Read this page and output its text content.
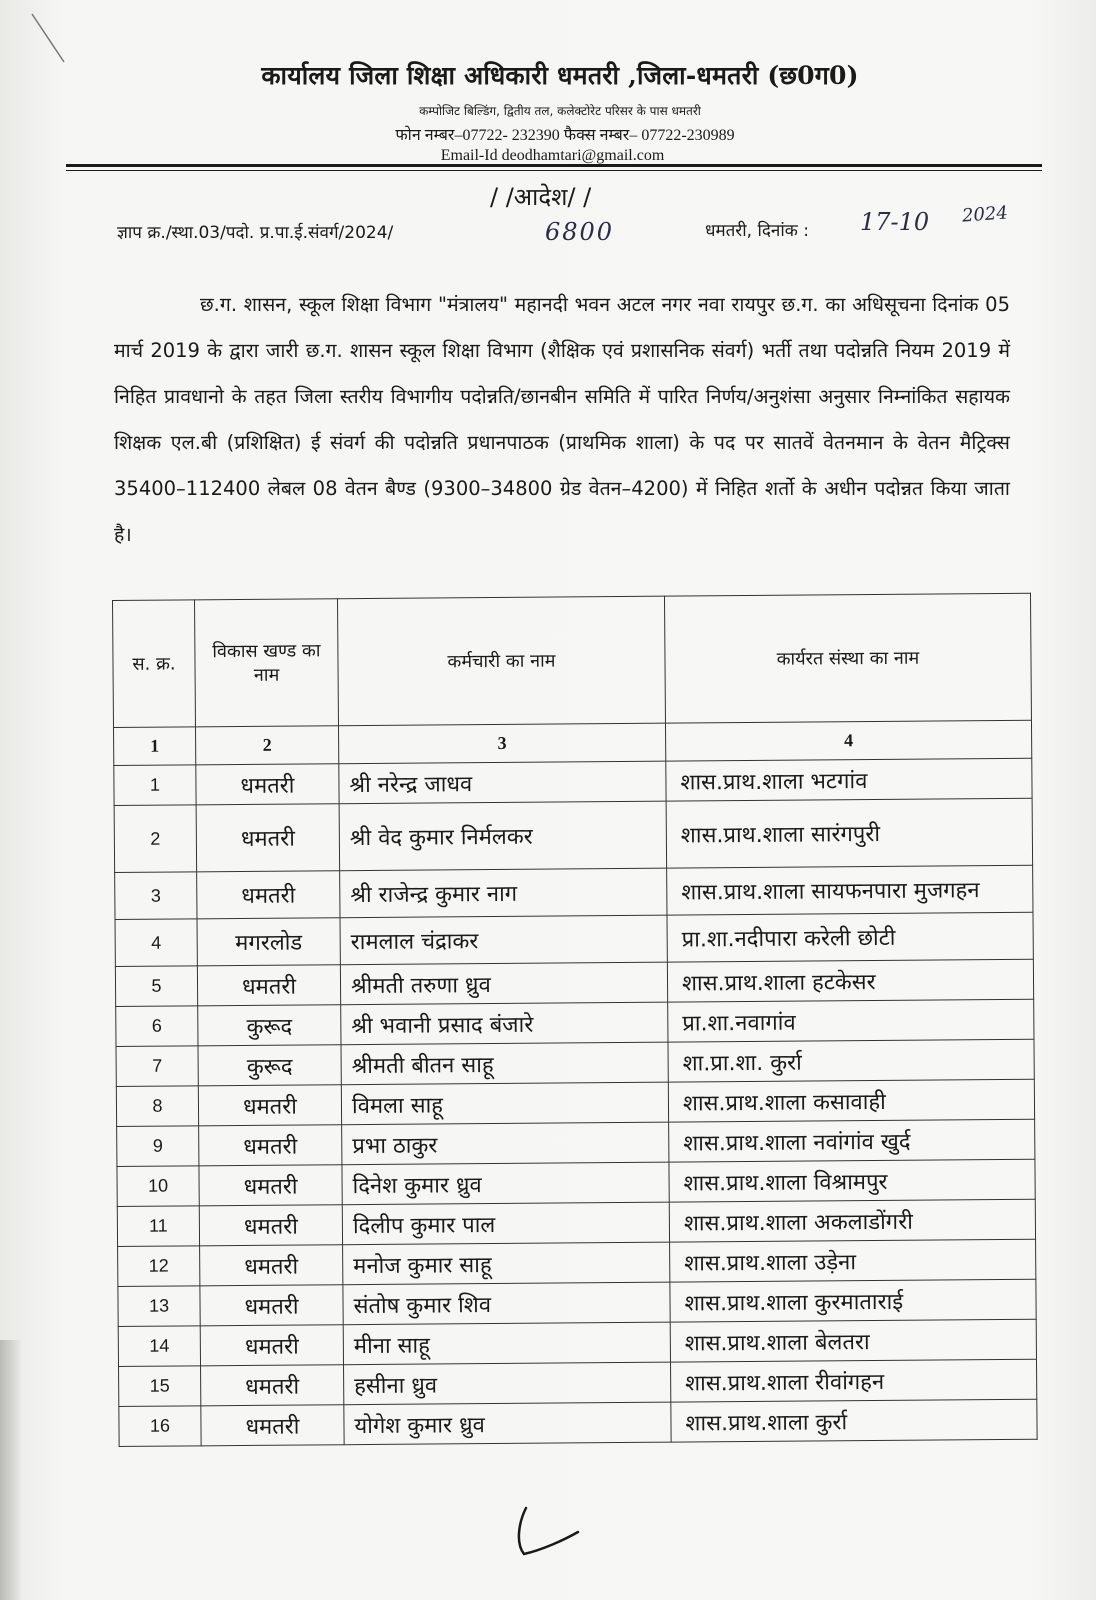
कार्यालय जिला शिक्षा अधिकारी धमतरी ,जिला-धमतरी (छ0ग0)
कम्पोजिट बिल्डिंग, द्वितीय तल, कलेक्टोरेट परिसर के पास धमतरी
फोन नम्बर–07722- 232390 फैक्स नम्बर– 07722-230989
Email-Id deodhamtari@gmail.com
/ /आदेश/ /
ज्ञाप क्र./स्था.03/पदो. प्र.पा.ई.संवर्ग/2024/	6800	धमतरी, दिनांक : 17-10 2024

छ.ग. शासन, स्कूल शिक्षा विभाग "मंत्रालय" महानदी भवन अटल नगर नवा रायपुर छ.ग. का अधिसूचना दिनांक 05 मार्च 2019 के द्वारा जारी छ.ग. शासन स्कूल शिक्षा विभाग (शैक्षिक एवं प्रशासनिक संवर्ग) भर्ती तथा पदोन्नति नियम 2019 में निहित प्रावधानो के तहत जिला स्तरीय विभागीय पदोन्नति/छानबीन समिति में पारित निर्णय/अनुशंसा अनुसार निम्नांकित सहायक शिक्षक एल.बी (प्रशिक्षित) ई संवर्ग की पदोन्नति प्रधानपाठक (प्राथमिक शाला) के पद पर सातवें वेतनमान के वेतन मैट्रिक्स 35400–112400 लेबल 08 वेतन बैण्ड (9300–34800 ग्रेड वेतन–4200) में निहित शर्तो के अधीन पदोन्नत किया जाता है।

स. क्र.	विकास खण्ड का नाम	कर्मचारी का नाम	कार्यरत संस्था का नाम
1	2	3	4
1	धमतरी	श्री नरेन्द्र जाधव	शास.प्राथ.शाला भटगांव
2	धमतरी	श्री वेद कुमार निर्मलकर	शास.प्राथ.शाला सारंगपुरी
3	धमतरी	श्री राजेन्द्र कुमार नाग	शास.प्राथ.शाला सायफनपारा मुजगहन
4	मगरलोड	रामलाल चंद्राकर	प्रा.शा.नदीपारा करेली छोटी
5	धमतरी	श्रीमती तरुणा ध्रुव	शास.प्राथ.शाला हटकेसर
6	कुरूद	श्री भवानी प्रसाद बंजारे	प्रा.शा.नवागांव
7	कुरूद	श्रीमती बीतन साहू	शा.प्रा.शा. कुर्रा
8	धमतरी	विमला साहू	शास.प्राथ.शाला कसावाही
9	धमतरी	प्रभा ठाकुर	शास.प्राथ.शाला नवांगांव खुर्द
10	धमतरी	दिनेश कुमार ध्रुव	शास.प्राथ.शाला विश्रामपुर
11	धमतरी	दिलीप कुमार पाल	शास.प्राथ.शाला अकलाडोंगरी
12	धमतरी	मनोज कुमार साहू	शास.प्राथ.शाला उड़ेना
13	धमतरी	संतोष कुमार शिव	शास.प्राथ.शाला कुरमाताराई
14	धमतरी	मीना साहू	शास.प्राथ.शाला बेलतरा
15	धमतरी	हसीना ध्रुव	शास.प्राथ.शाला रीवांगहन
16	धमतरी	योगेश कुमार ध्रुव	शास.प्राथ.शाला कुर्रा
